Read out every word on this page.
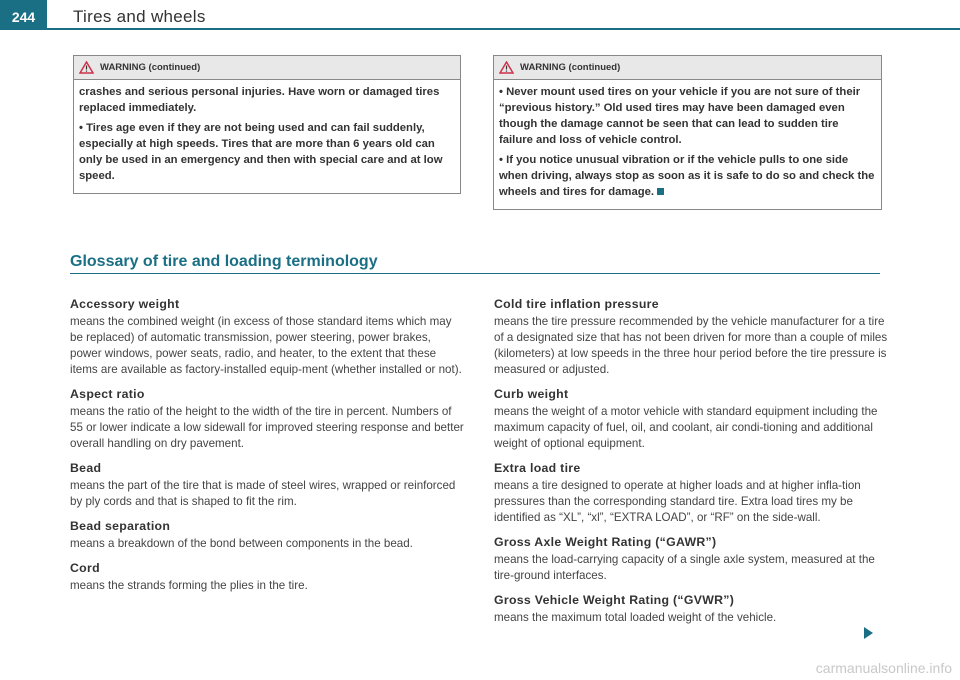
244	Tires and wheels
WARNING (continued)

crashes and serious personal injuries. Have worn or damaged tires replaced immediately.

• Tires age even if they are not being used and can fail suddenly, especially at high speeds. Tires that are more than 6 years old can only be used in an emergency and then with special care and at low speed.

WARNING (continued)

• Never mount used tires on your vehicle if you are not sure of their “previous history.” Old used tires may have been damaged even though the damage cannot be seen that can lead to sudden tire failure and loss of vehicle control.

• If you notice unusual vibration or if the vehicle pulls to one side when driving, always stop as soon as it is safe to do so and check the wheels and tires for damage.

Glossary of tire and loading terminology
Accessory weight

means the combined weight (in excess of those standard items which may be replaced) of automatic transmission, power steering, power brakes, power windows, power seats, radio, and heater, to the extent that these items are available as factory-installed equip-ment (whether installed or not).

Aspect ratio

means the ratio of the height to the width of the tire in percent. Numbers of 55 or lower indicate a low sidewall for improved steering response and better overall handling on dry pavement.

Bead

means the part of the tire that is made of steel wires, wrapped or reinforced by ply cords and that is shaped to fit the rim.

Bead separation

means a breakdown of the bond between components in the bead.

Cord

means the strands forming the plies in the tire.

Cold tire inflation pressure

means the tire pressure recommended by the vehicle manufacturer for a tire of a designated size that has not been driven for more than a couple of miles (kilometers) at low speeds in the three hour period before the tire pressure is measured or adjusted.

Curb weight

means the weight of a motor vehicle with standard equipment including the maximum capacity of fuel, oil, and coolant, air condi-tioning and additional weight of optional equipment.

Extra load tire

means a tire designed to operate at higher loads and at higher infla-tion pressures than the corresponding standard tire. Extra load tires my be identified as “XL”, “xl”, “EXTRA LOAD”, or “RF” on the side-wall.

Gross Axle Weight Rating (“GAWR”)

means the load-carrying capacity of a single axle system, measured at the tire-ground interfaces.

Gross Vehicle Weight Rating (“GVWR”)

means the maximum total loaded weight of the vehicle.

carmanualsonline.info
